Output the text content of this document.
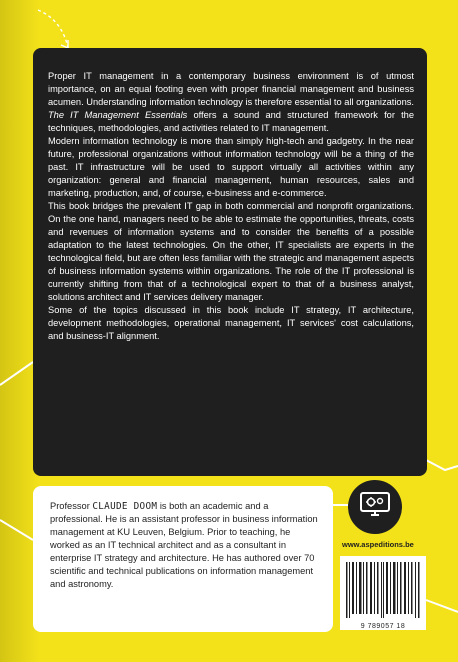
Proper IT management in a contemporary business environment is of utmost importance, on an equal footing even with proper financial management and business acumen. Understanding information technology is therefore essential to all organizations. The IT Management Essentials offers a sound and structured framework for the techniques, methodologies, and activities related to IT management.

Modern information technology is more than simply high-tech and gadgetry. In the near future, professional organizations without information technology will be a thing of the past. IT infrastructure will be used to support virtually all activities within any organization: general and financial management, human resources, sales and marketing, production, and, of course, e-business and e-commerce.

This book bridges the prevalent IT gap in both commercial and nonprofit organizations. On the one hand, managers need to be able to estimate the opportunities, threats, costs and revenues of information systems and to consider the benefits of a possible adaptation to the latest technologies. On the other, IT specialists are experts in the technological field, but are often less familiar with the strategic and management aspects of business information systems within organizations. The role of the IT professional is currently shifting from that of a technological expert to that of a business analyst, solutions architect and IT services delivery manager.

Some of the topics discussed in this book include IT strategy, IT architecture, development methodologies, operational management, IT services' cost calculations, and business-IT alignment.

Professor CLAUDE DOOM is both an academic and a professional. He is an assistant professor in business information management at KU Leuven, Belgium. Prior to teaching, he worked as an IT technical architect and as a consultant in enterprise IT strategy and architecture. He has authored over 70 scientific and technical publications on information management and astronomy.

www.aspeditions.be
9 789057 18
